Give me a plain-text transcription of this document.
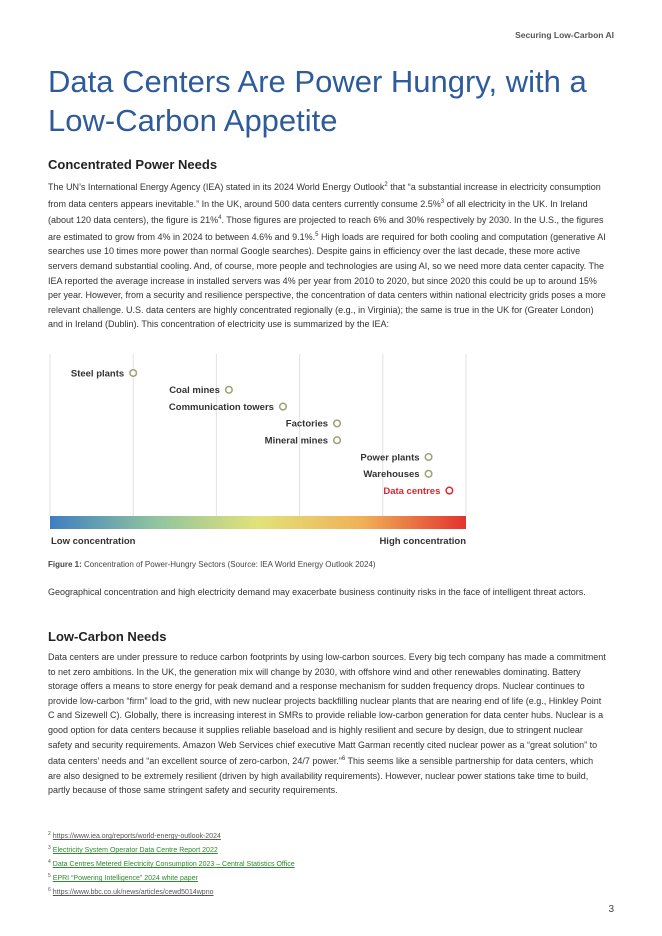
Securing Low-Carbon AI
Data Centers Are Power Hungry, with a Low-Carbon Appetite
Concentrated Power Needs

The UN’s International Energy Agency (IEA) stated in its 2024 World Energy Outlook$^2$ that “a substantial increase in electricity consumption from data centers appears inevitable.” In the UK, around 500 data centers currently consume 2.5%$^3$ of all electricity in the UK. In Ireland (about 120 data centers), the figure is 21%$^4$. Those figures are projected to reach 6% and 30% respectively by 2030. In the U.S., the figures are estimated to grow from 4% in 2024 to between 4.6% and 9.1%.$^5$ High loads are required for both cooling and computation (generative AI searches use 10 times more power than normal Google searches). Despite gains in efficiency over the last decade, these more active servers demand substantial cooling. And, of course, more people and technologies are using AI, so we need more data center capacity. The IEA reported the average increase in installed servers was 4% per year from 2010 to 2020, but since 2020 this could be up to around 15% per year. However, from a security and resilience perspective, the concentration of data centers within national electricity grids poses a more relevant challenge. U.S. data centers are highly concentrated regionally (e.g., in Virginia); the same is true in the UK for (Greater London) and in Ireland (Dublin). This concentration of electricity use is summarized by the IEA:

Steel plants
Coal mines
Communication towers
Factories
Mineral mines
Power plants
Warehouses
Data centres
Low concentration	High concentration
Figure 1: Concentration of Power-Hungry Sectors (Source: IEA World Energy Outlook 2024)

Geographical concentration and high electricity demand may exacerbate business continuity risks in the face of intelligent threat actors.

Low-Carbon Needs

Data centers are under pressure to reduce carbon footprints by using low-carbon sources. Every big tech company has made a commitment to net zero ambitions. In the UK, the generation mix will change by 2030, with offshore wind and other renewables dominating. Battery storage offers a means to store energy for peak demand and a response mechanism for sudden frequency drops. Nuclear continues to provide low-carbon “firm” load to the grid, with new nuclear projects backfilling nuclear plants that are nearing end of life (e.g., Hinkley Point C and Sizewell C). Globally, there is increasing interest in SMRs to provide reliable low-carbon generation for data center hubs. Nuclear is a good option for data centers because it supplies reliable baseload and is highly resilient and secure by design, due to stringent nuclear safety and security requirements. Amazon Web Services chief executive Matt Garman recently cited nuclear power as a “great solution” to data centers’ needs and “an excellent source of zero-carbon, 24/7 power.”$^6$ This seems like a sensible partnership for data centers, which are also designed to be extremely resilient (driven by high availability requirements). However, nuclear power stations take time to build, partly because of those same stringent safety and security requirements.

2 https://www.iea.org/reports/world-energy-outlook-2024
3 Electricity System Operator Data Centre Report 2022
4 Data Centres Metered Electricity Consumption 2023 – Central Statistics Office
5 EPRI “Powering Intelligence” 2024 white paper
6 https://www.bbc.co.uk/news/articles/cewd5014wpno
3
